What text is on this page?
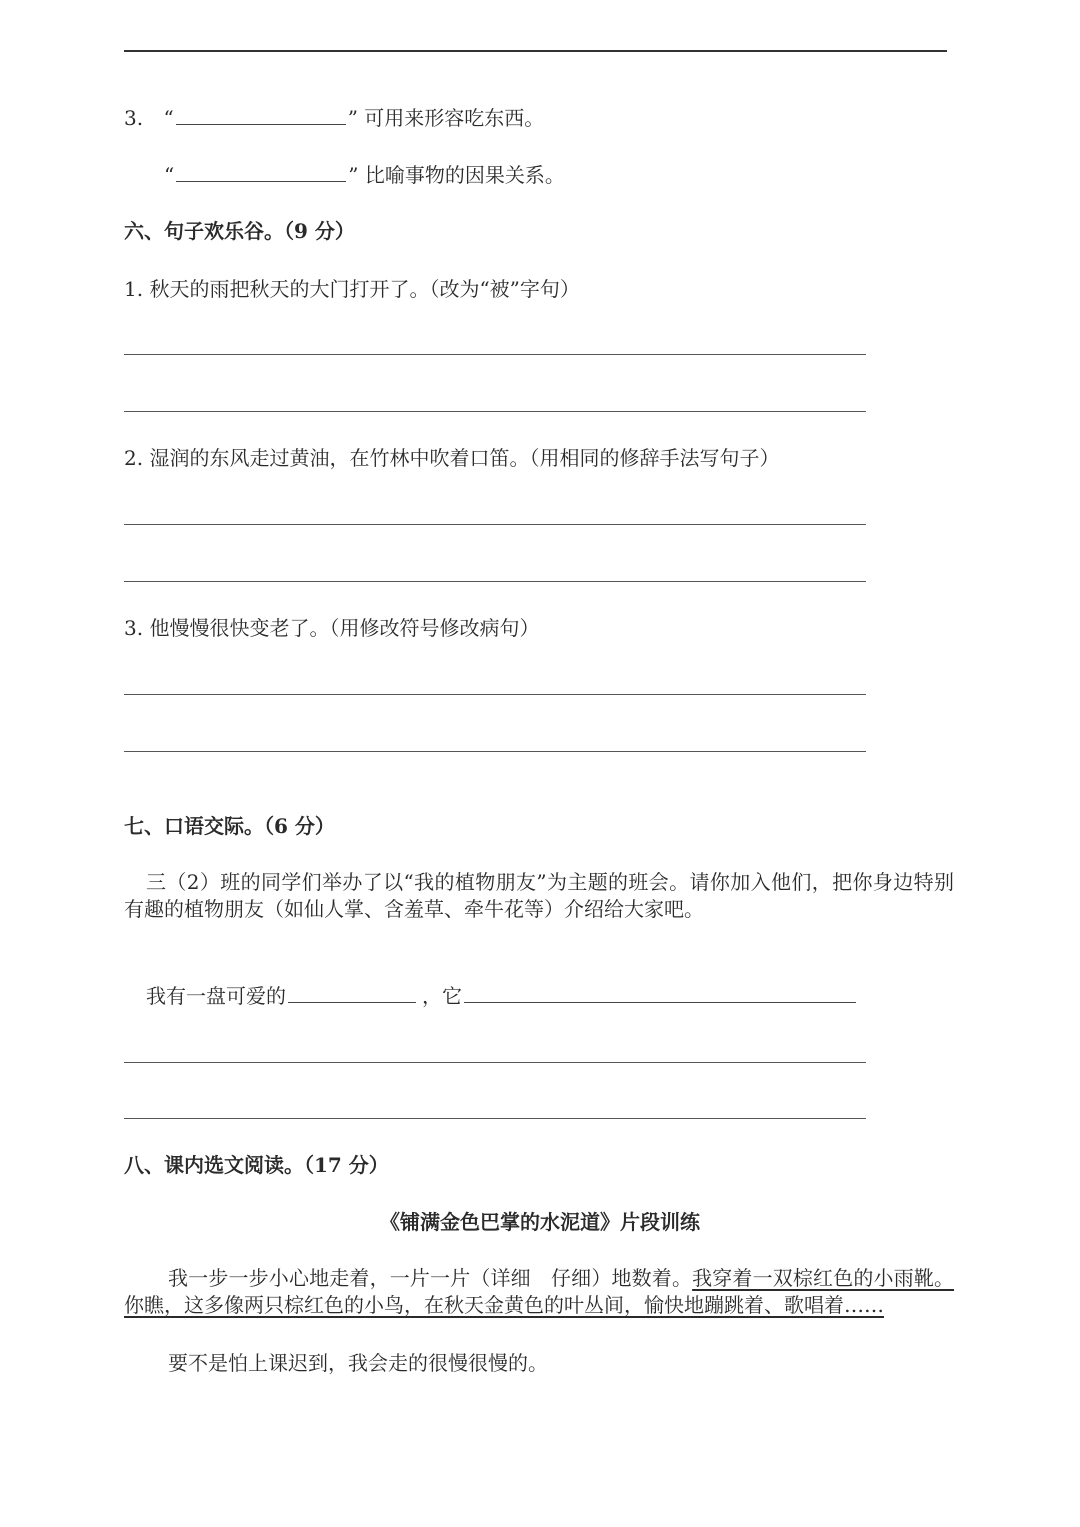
3. “	” 可用来形容吃东西。
“	” 比喻事物的因果关系。
六、句子欢乐谷。（9 分）
1. 秋天的雨把秋天的大门打开了。（改为“被”字句）
2. 湿润的东风走过黄油，在竹林中吹着口笛。（用相同的修辞手法写句子）
3. 他慢慢很快变老了。（用修改符号修改病句）
七、口语交际。（6 分）
三（2）班的同学们举办了以“我的植物朋友”为主题的班会。请你加入他们，把你身边特别有趣的植物朋友（如仙人掌、含羞草、牵牛花等）介绍给大家吧。
我有一盘可爱的	，它
八、课内选文阅读。（17 分）
《铺满金色巴掌的水泥道》片段训练
我一步一步小心地走着，一片一片（详细　仔细）地数着。我穿着一双棕红色的小雨靴。你瞧，这多像两只棕红色的小鸟，在秋天金黄色的叶丛间，愉快地蹦跳着、歌唱着……
要不是怕上课迟到，我会走的很慢很慢的。
